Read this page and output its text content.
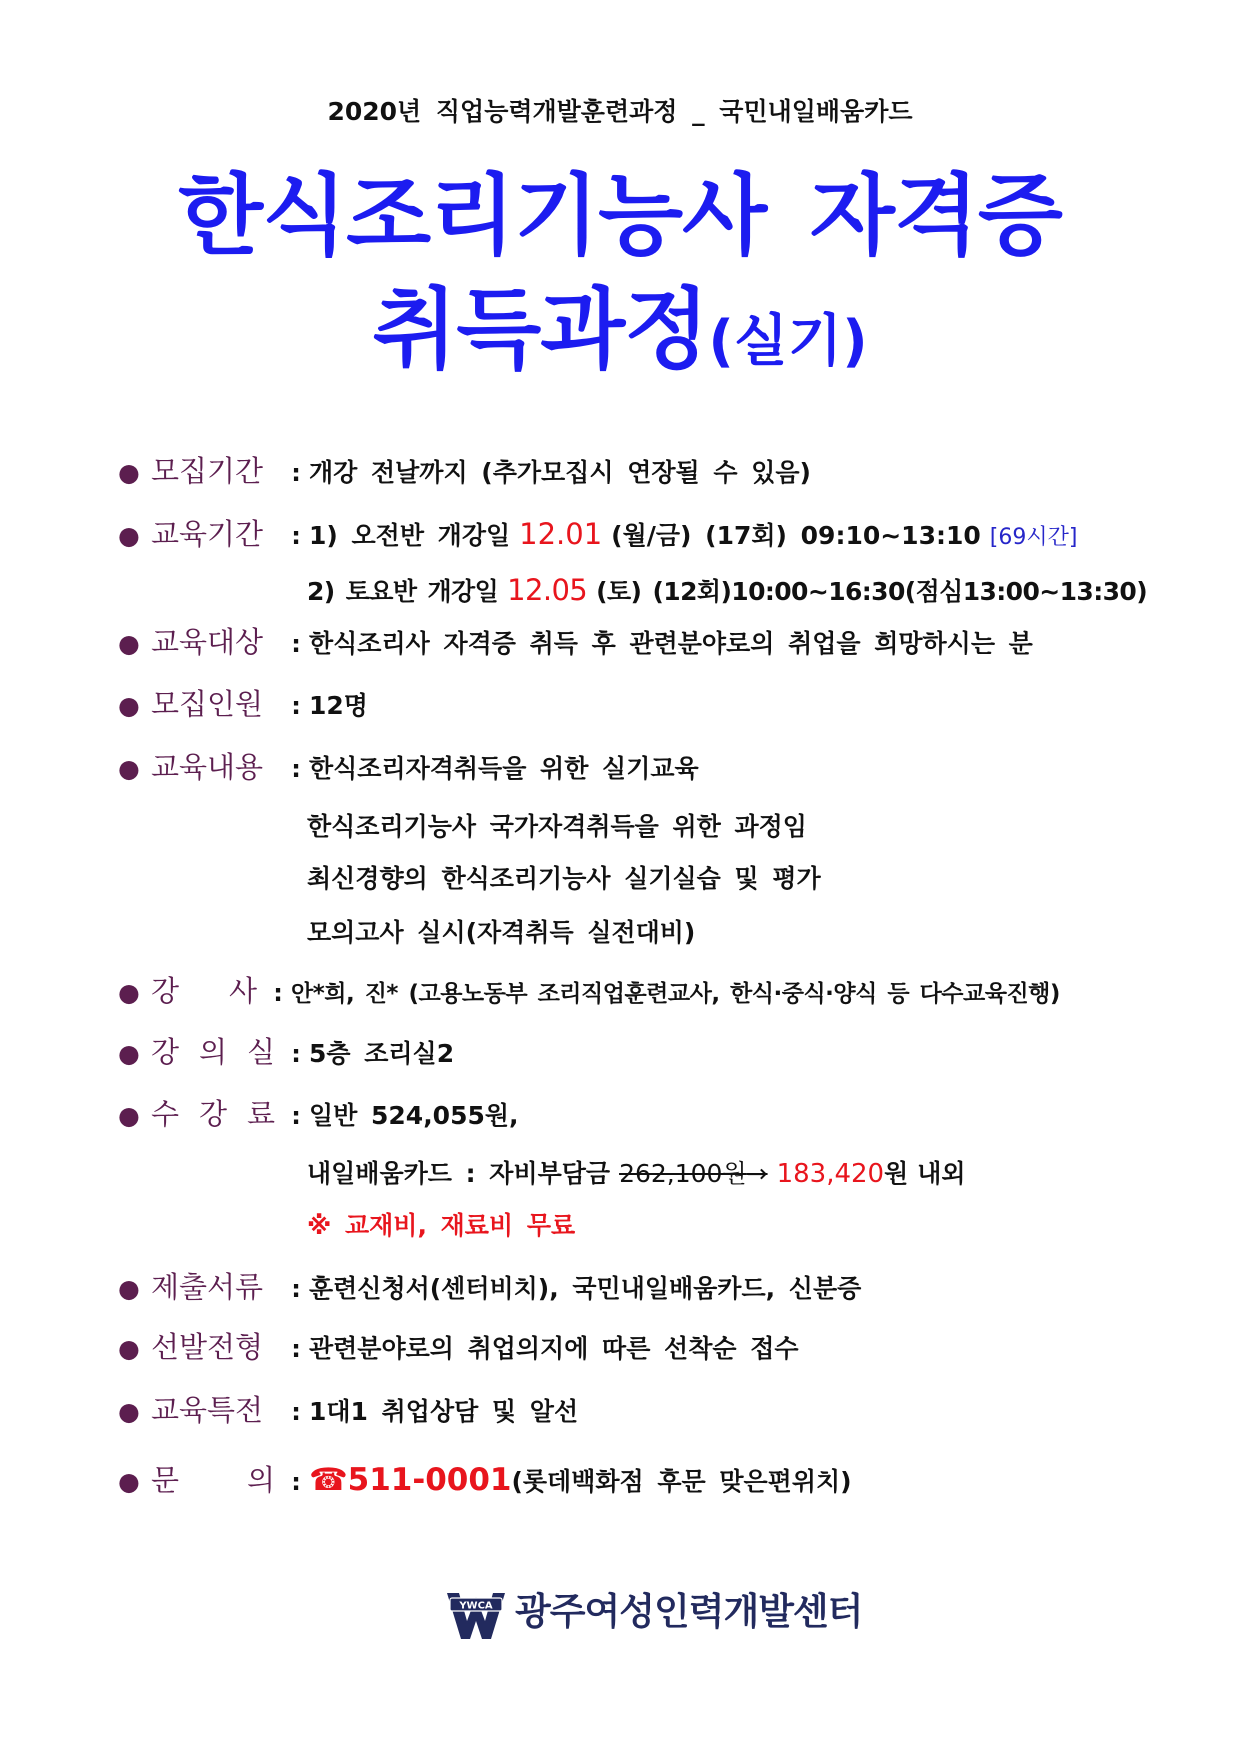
2020년 직업능력개발훈련과정 _ 국민내일배움카드
한식조리기능사 자격증
취득과정(실기)
● 모집기간 : 개강 전날까지 (추가모집시 연장될 수 있음)
● 교육기간 : 1) 오전반 개강일 12.01 (월/금) (17회) 09:10~13:10 [69시간]
2) 토요반 개강일 12.05 (토) (12회)10:00~16:30(점심13:00~13:30)
● 교육대상 : 한식조리사 자격증 취득 후 관련분야로의 취업을 희망하시는 분
● 모집인원 : 12명
● 교육내용 : 한식조리자격취득을 위한 실기교육
한식조리기능사 국가자격취득을 위한 과정임
최신경향의 한식조리기능사 실기실습 및 평가
모의고사 실시(자격취득 실전대비)
● 강 사 : 안*희, 진* (고용노동부 조리직업훈련교사, 한식·중식·양식 등 다수교육진행)
● 강 의 실 : 5층 조리실2
● 수 강 료 : 일반 524,055원,
내일배움카드 : 자비부담금 262,100원→ 183,420원 내외
※ 교재비, 재료비 무료
● 제출서류 : 훈련신청서(센터비치), 국민내일배움카드, 신분증
● 선발전형 : 관련분야로의 취업의지에 따른 선착순 접수
● 교육특전 : 1대1 취업상담 및 알선
● 문 의 : ☎511-0001(롯데백화점 후문 맞은편위치)
YWCA 광주여성인력개발센터
